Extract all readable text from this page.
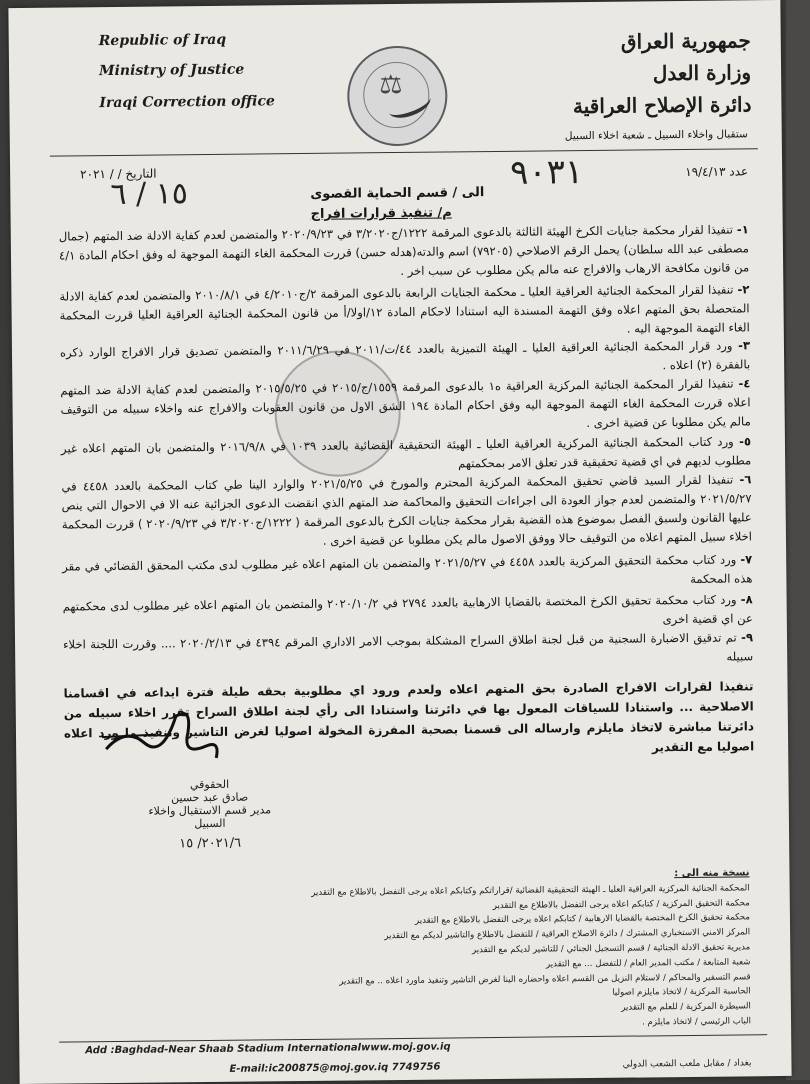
Republic of Iraq
Ministry of Justice
Iraqi Correction office
⚖
جمهورية العراق
وزارة العدل
دائرة الإصلاح العراقية
ستقبال واخلاء السبيل ـ شعبة اخلاء السبيل
عدد ١٩/٤/١٣
٩٠٣١
التاريخ / / ٢٠٢١
١٥ / ٦	الى / قسم الحماية القصوى
م/ تنفيذ قرارات افراج
١- تنفيذا لقرار محكمة جنايات الكرخ الهيئة الثالثة بالدعوى المرقمة ١٢٢٢/ج٣/٢٠٢٠ في ٢٠٢٠/٩/٢٣ والمتضمن لعدم كفاية الادلة ضد المتهم (جمال مصطفى عبد الله سلطان) يحمل الرقم الاصلاحي (٧٩٢٠٥) اسم والدته(هدله حسن) قررت المحكمة الغاء التهمة الموجهة له وفق احكام المادة ٤/١ من قانون مكافحة الارهاب والافراج عنه مالم يكن مطلوب عن سبب اخر .
٢- تنفيذا لقرار المحكمة الجنائية العراقية العليا ـ محكمة الجنايات الرابعة بالدعوى المرقمة ٢/ج٤/٢٠١٠ في ٢٠١٠/٨/١ والمتضمن لعدم كفاية الادلة المتحصلة بحق المتهم اعلاه وفق التهمة المسندة اليه استنادا لاحكام المادة ١٢/اولا/أ من قانون المحكمة الجنائية العراقية العليا قررت المحكمة الغاء التهمة الموجهة اليه .
٣- ورد قرار المحكمة الجنائية العراقية العليا ـ الهيئة التميزية بالعدد ٤٤/ت/٢٠١١ في ٢٠١١/٦/٢٩ والمتضمن تصديق قرار الافراج الوارد ذكره بالفقرة (٢) اعلاه .
٤- تنفيذا لقرار المحكمة الجنائية المركزية العراقية ه١ بالدعوى المرقمة ١٥٥٩/ج/٢٠١٥ في ٢٠١٥/٥/٢٥ والمتضمن لعدم كفاية الادلة ضد المتهم اعلاه قررت المحكمة الغاء التهمة الموجهة اليه وفق احكام المادة ١٩٤ الشق الاول من قانون العقوبات والافراج عنه واخلاء سبيله من التوقيف مالم يكن مطلوبا عن قضية اخرى .
٥- ورد كتاب المحكمة الجنائية المركزية العراقية العليا ـ الهيئة التحقيقية القضائية بالعدد ١٠٣٩ في ٢٠١٦/٩/٨ والمتضمن بان المتهم اعلاه غير مطلوب لديهم في اي قضية تحقيقية قدر تعلق الامر بمحكمتهم
٦- تنفيذا لقرار السيد قاضي تحقيق المحكمة المركزية المحترم والمورخ في ٢٠٢١/٥/٢٥ والوارد الينا طي كتاب المحكمة بالعدد ٤٤٥٨ في ٢٠٢١/٥/٢٧ والمتضمن لعدم جواز العودة الى اجراءات التحقيق والمحاكمة ضد المتهم الذي انقضت الدعوى الجزائية عنه الا في الاحوال التي ينص عليها القانون ولسبق الفصل بموضوع هذه القضية بقرار محكمة جنايات الكرخ بالدعوى المرقمة ( ١٢٢٢/ج٣/٢٠٢٠ في ٢٠٢٠/٩/٢٣ ) قررت المحكمة اخلاء سبيل المتهم اعلاه من التوقيف حالا ووفق الاصول مالم يكن مطلوبا عن قضية اخرى .
٧- ورد كتاب محكمة التحقيق المركزية بالعدد ٤٤٥٨ في ٢٠٢١/٥/٢٧ والمتضمن بان المتهم اعلاه غير مطلوب لدى مكتب المحقق القضائي في مقر هذه المحكمة
٨- ورد كتاب محكمة تحقيق الكرخ المختصة بالقضايا الارهابية بالعدد ٢٧٩٤ في ٢٠٢٠/١٠/٢ والمتضمن بان المتهم اعلاه غير مطلوب لدى محكمتهم عن اي قضية اخرى
٩- تم تدقيق الاضبارة السجنية من قبل لجنة اطلاق السراح المشكلة بموجب الامر الاداري المرقم ٤٣٩٤ في ٢٠٢٠/٢/١٣ .... وقررت اللجنة اخلاء سبيله
تنفيذا لقرارات الافراج الصادرة بحق المتهم اعلاه ولعدم ورود اي مطلوبية بحقه طيلة فترة ايداعه في اقسامنا الاصلاحية ... واستنادا للسياقات المعول بها في دائرتنا واستنادا الى رأي لجنة اطلاق السراح تقرر اخلاء سبيله من دائرتنا مباشرة لاتخاذ مايلزم وارساله الى قسمنا بصحبة المفرزة المخولة اصوليا لغرض التاشير وتنفيذ ما ورد اعلاه اصوليا مع التقدير
الحقوقي
صادق عبد حسين
مدير قسم الاستقبال واخلاء السبيل
٢٠٢١/٦/ ١٥
نسخة منه الى :
المحكمة الجنائية المركزية العراقية العليا ـ الهيئة التحقيقية القضائية /قراراتكم وكتابكم اعلاه يرجى التفضل بالاطلاع مع التقدير
محكمة التحقيق المركزية / كتابكم اعلاه يرجى التفضل بالاطلاع مع التقدير
محكمة تحقيق الكرخ المختصة بالقضايا الارهابية / كتابكم اعلاه يرجى التفضل بالاطلاع مع التقدير
المركز الامني الاستخباري المشترك / دائرة الاصلاح العراقية / للتفضل بالاطلاع والتاشير لديكم مع التقدير
مديرية تحقيق الادلة الجنائية / قسم التسجيل الجنائي / للتاشير لديكم مع التقدير
شعبة المتابعة / مكتب المدير العام / للتفضل ... مع التقدير
قسم التسفير والمحاكم / لاستلام النزيل من القسم اعلاه واحضاره الينا لغرض التاشير وتنفيذ ماورد اعلاه .. مع التقدير
الحاسبة المركزية / لاتخاذ مايلزم اصوليا
السيطرة المركزية / للعلم مع التقدير
الباب الرئيسي / لاتخاذ مايلزم .
Add :Baghdad-Near Shaab Stadium Internationalwww.moj.gov.iq
E-mail:ic200875@moj.gov.iq 7749756	بغداد / مقابل ملعب الشعب الدولي
